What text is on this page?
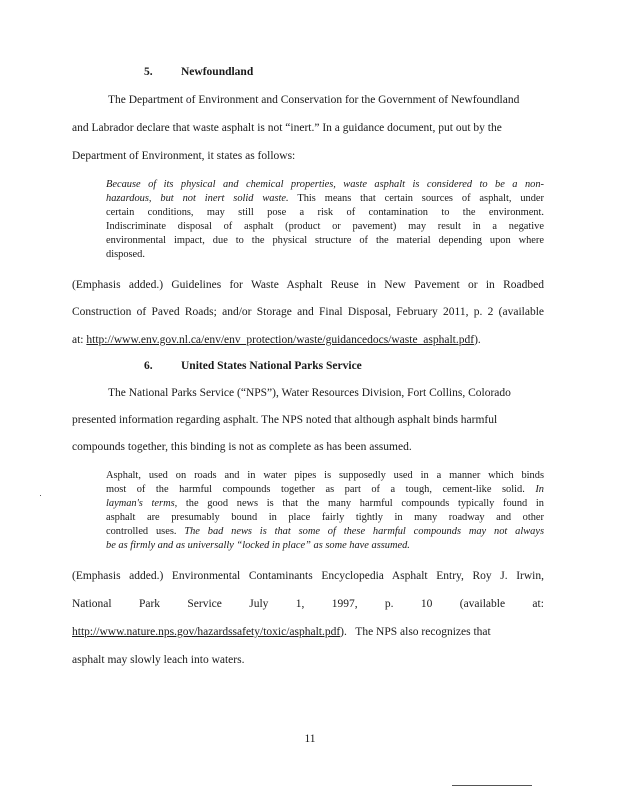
5. Newfoundland
The Department of Environment and Conservation for the Government of Newfoundland
and Labrador declare that waste asphalt is not “inert.” In a guidance document, put out by the
Department of Environment, it states as follows:
Because of its physical and chemical properties, waste asphalt is considered to be a non-
hazardous, but not inert solid waste. This means that certain sources of asphalt, under
certain conditions, may still pose a risk of contamination to the environment.
Indiscriminate disposal of asphalt (product or pavement) may result in a negative
environmental impact, due to the physical structure of the material depending upon where
disposed.
(Emphasis added.) Guidelines for Waste Asphalt Reuse in New Pavement or in Roadbed
Construction of Paved Roads; and/or Storage and Final Disposal, February 2011, p. 2 (available
at: http://www.env.gov.nl.ca/env/env_protection/waste/guidancedocs/waste_asphalt.pdf).
6. United States National Parks Service
The National Parks Service (“NPS”), Water Resources Division, Fort Collins, Colorado
presented information regarding asphalt. The NPS noted that although asphalt binds harmful
compounds together, this binding is not as complete as has been assumed.
Asphalt, used on roads and in water pipes is supposedly used in a manner which binds
most of the harmful compounds together as part of a tough, cement-like solid. In
layman's terms, the good news is that the many harmful compounds typically found in
asphalt are presumably bound in place fairly tightly in many roadway and other
controlled uses. The bad news is that some of these harmful compounds may not always
be as firmly and as universally “locked in place” as some have assumed.
(Emphasis added.) Environmental Contaminants Encyclopedia Asphalt Entry, Roy J. Irwin,
National Park Service July 1, 1997, p. 10 (available at:
http://www.nature.nps.gov/hazardssafety/toxic/asphalt.pdf).   The NPS also recognizes that
asphalt may slowly leach into waters.
11
